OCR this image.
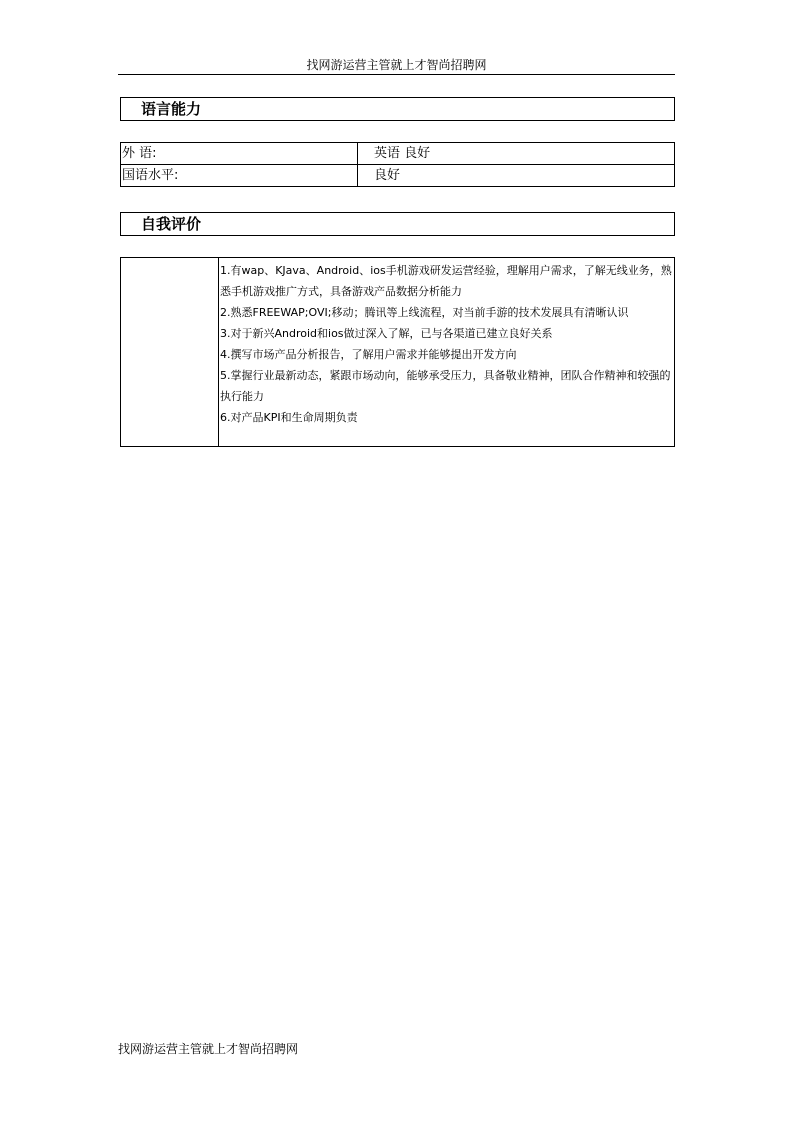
找网游运营主管就上才智尚招聘网
语言能力
外 语:	英语 良好
国语水平:	良好
自我评价

1.有wap、KJava、Android、ios手机游戏研发运营经验，理解用户需求，了解无线业务，熟悉手机游戏推广方式，具备游戏产品数据分析能力

2.熟悉FREEWAP;OVI;移动；腾讯等上线流程，对当前手游的技术发展具有清晰认识

3.对于新兴Android和ios做过深入了解，已与各渠道已建立良好关系

4.撰写市场产品分析报告，了解用户需求并能够提出开发方向

5.掌握行业最新动态，紧跟市场动向，能够承受压力，具备敬业精神，团队合作精神和较强的执行能力

6.对产品KPI和生命周期负责

找网游运营主管就上才智尚招聘网
